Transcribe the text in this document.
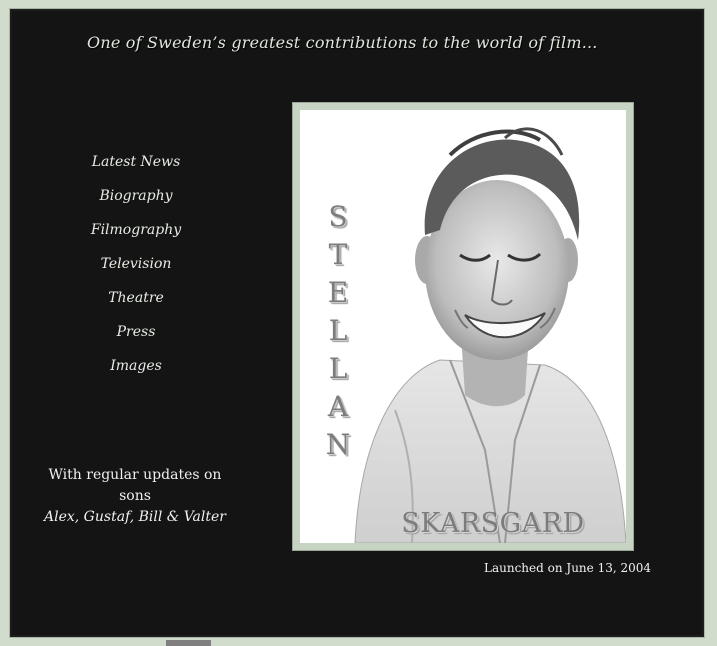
One of Sweden’s greatest contributions to the world of film...
Latest News
Biography
Filmography
Television
Theatre
Press
Images
With regular updates on sons
Alex, Gustaf, Bill & Valter
S
T
E
L
L
A
N
SKARSGARD
Launched on June 13, 2004
